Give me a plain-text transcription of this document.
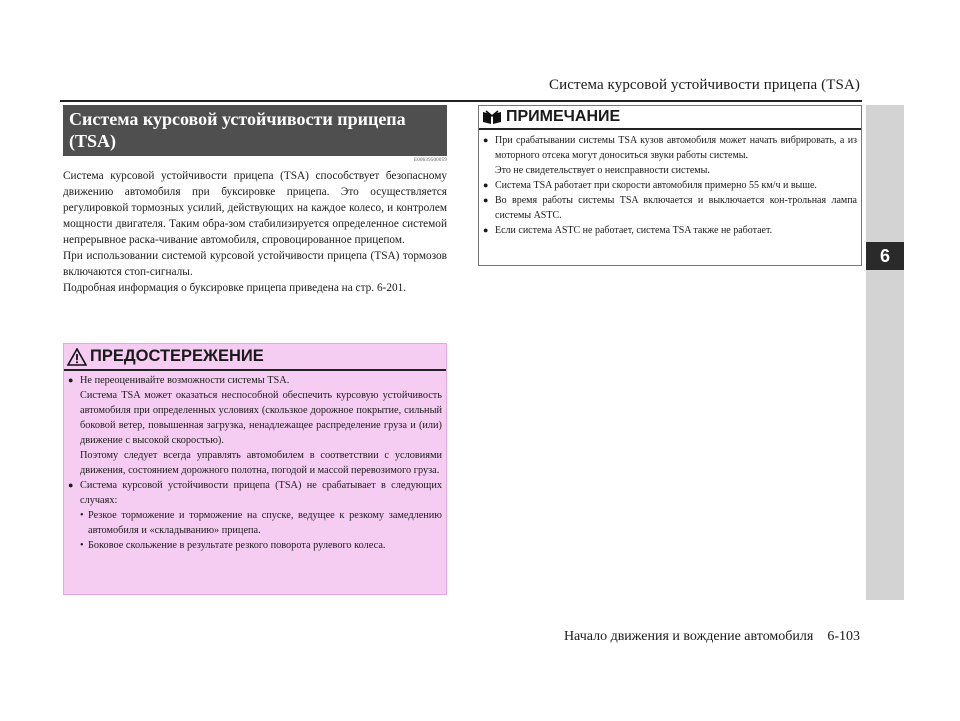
Система курсовой устойчивости прицепа (TSA)
6
Система курсовой устойчивости прицепа (TSA)
E00639500059

Система курсовой устойчивости прицепа (TSA) способствует безопасному движению автомобиля при буксировке прицепа. Это осуществляется регулировкой тормозных усилий, действующих на каждое колесо, и контролем мощности двигателя. Таким обра-зом стабилизируется определенное системой непрерывное раска-чивание автомобиля, спровоцированное прицепом.

При использовании системой курсовой устойчивости прицепа (TSA) тормозов включаются стоп-сигналы.

Подробная информация о буксировке прицепа приведена на стр. 6-201.

ПРЕДОСТЕРЕЖЕНИЕ
● Не переоценивайте возможности системы TSA.

Система TSA может оказаться неспособной обеспечить курсовую устойчивость автомобиля при определенных условиях (скользкое дорожное покрытие, сильный боковой ветер, повышенная загрузка, ненадлежащее распределение груза и (или) движение с высокой скоростью).

Поэтому следует всегда управлять автомобилем в соответствии с условиями движения, состоянием дорожного полотна, погодой и массой перевозимого груза.

● Система курсовой устойчивости прицепа (TSA) не срабатывает в следующих случаях:

• Резкое торможение и торможение на спуске, ведущее к резкому замедлению автомобиля и «складыванию» прицепа.
• Боковое скольжение в результате резкого поворота рулевого колеса.
ПРИМЕЧАНИЕ
● При срабатывании системы TSA кузов автомобиля может начать вибрировать, а из моторного отсека могут доноситься звуки работы системы.

Это не свидетельствует о неисправности системы.

● Система TSA работает при скорости автомобиля примерно 55 км/ч и выше.

● Во время работы системы TSA включается и выключается кон-трольная лампа системы ASTC.

● Если система ASTC не работает, система TSA также не работает.

Начало движения и вождение автомобиля 6-103
